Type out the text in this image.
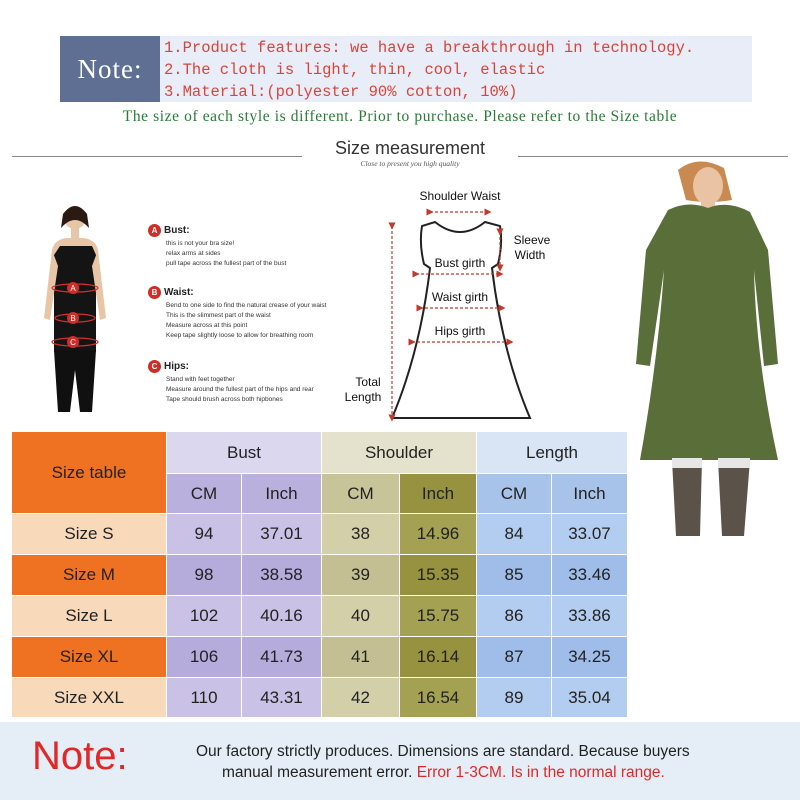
Note:
1.Product features: we have a breakthrough in technology.
2.The cloth is light, thin, cool, elastic
3.Material:(polyester 90% cotton, 10%)
The size of each style is different. Prior to purchase. Please refer to the Size table
Size measurement
Close to present you high quality
A
B
C
A Bust:
this is not your bra size!
relax arms at sides
pull tape across the fullest part of the bust
B Waist:
Bend to one side to find the natural crease of your waist
This is the slimmest part of the waist
Measure across at this point
Keep tape slightly loose to allow for breathing room
C Hips:
Stand with feet together
Measure around the fullest part of the hips and rear
Tape should brush across both hipbones
Shoulder Waist
Sleeve
Width
Bust girth
Waist girth
Hips girth
Total
Length
Size table
Bust	Shoulder	Length
CM	Inch	CM	Inch	CM	Inch
Size S	94	37.01	38	14.96	84	33.07
Size M	98	38.58	39	15.35	85	33.46
Size L	102	40.16	40	15.75	86	33.86
Size XL	106	41.73	41	16.14	87	34.25
Size XXL	110	43.31	42	16.54	89	35.04
Note:	Our factory strictly produces. Dimensions are standard. Because buyers
manual measurement error. Error 1-3CM. Is in the normal range.
